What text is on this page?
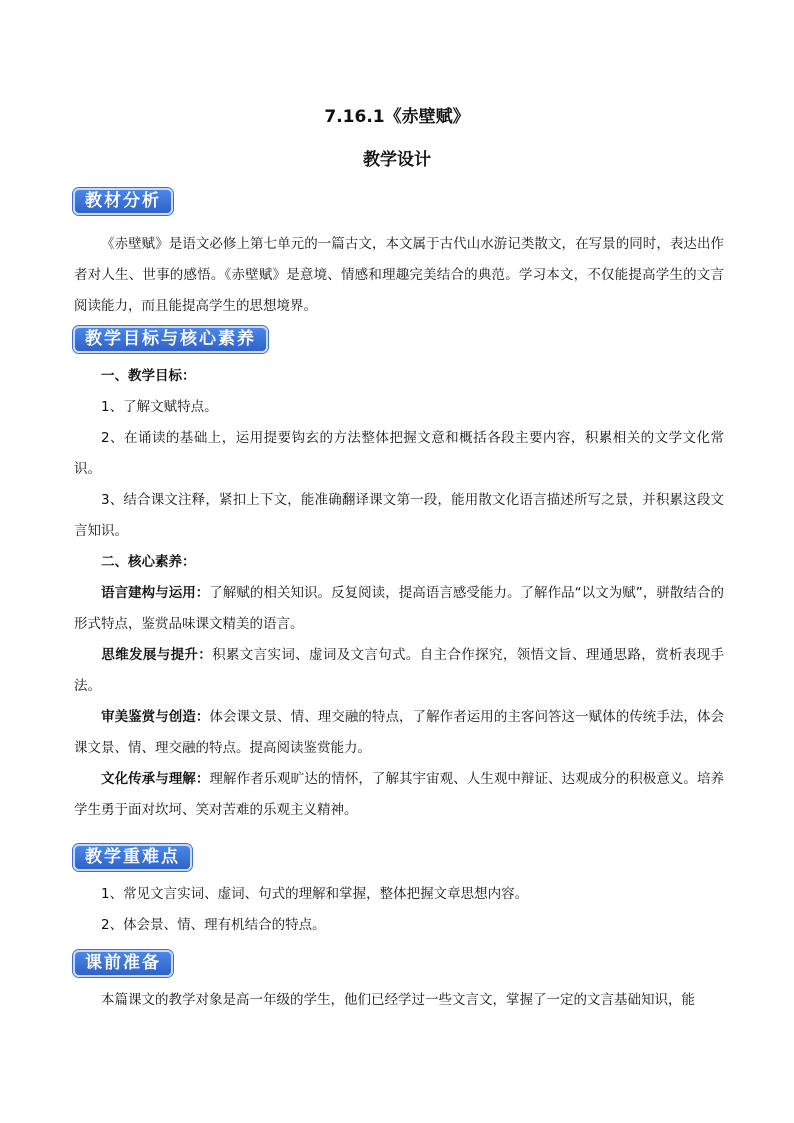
7.16.1《赤壁赋》
教学设计
教材分析

《赤壁赋》是语文必修上第七单元的一篇古文，本文属于古代山水游记类散文，在写景的同时，表达出作者对人生、世事的感悟。《赤壁赋》是意境、情感和理趣完美结合的典范。学习本文，不仅能提高学生的文言阅读能力，而且能提高学生的思想境界。

教学目标与核心素养

一、教学目标：

1、了解文赋特点。

2、在诵读的基础上，运用提要钩玄的方法整体把握文意和概括各段主要内容，积累相关的文学文化常识。

3、结合课文注释，紧扣上下文，能准确翻译课文第一段，能用散文化语言描述所写之景，并积累这段文言知识。

二、核心素养：

语言建构与运用：了解赋的相关知识。反复阅读，提高语言感受能力。了解作品“以文为赋”，骈散结合的形式特点，鉴赏品味课文精美的语言。

思维发展与提升：积累文言实词、虚词及文言句式。自主合作探究，领悟文旨、理通思路，赏析表现手法。

审美鉴赏与创造：体会课文景、情、理交融的特点，了解作者运用的主客问答这一赋体的传统手法，体会课文景、情、理交融的特点。提高阅读鉴赏能力。

文化传承与理解：理解作者乐观旷达的情怀，了解其宇宙观、人生观中辩证、达观成分的积极意义。培养学生勇于面对坎坷、笑对苦难的乐观主义精神。

教学重难点

1、常见文言实词、虚词、句式的理解和掌握，整体把握文章思想内容。

2、体会景、情、理有机结合的特点。

课前准备

本篇课文的教学对象是高一年级的学生，他们已经学过一些文言文，掌握了一定的文言基础知识，能
